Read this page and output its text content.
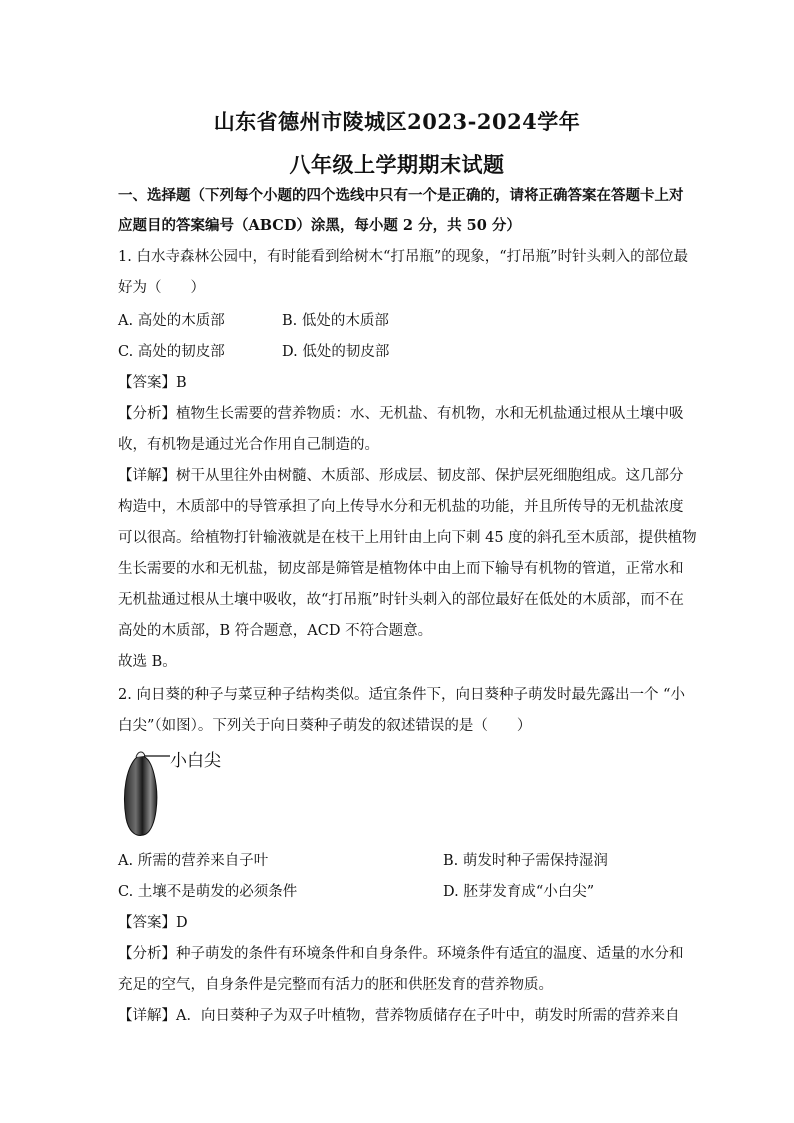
山东省德州市陵城区2023-2024学年
八年级上学期期末试题
一、选择题（下列每个小题的四个选线中只有一个是正确的，请将正确答案在答题卡上对
应题目的答案编号（ABCD）涂黑，每小题 2 分，共 50 分）
1. 白水寺森林公园中，有时能看到给树木“打吊瓶”的现象，“打吊瓶”时针头刺入的部位最
好为（　　）
A. 高处的木质部	B. 低处的木质部
C. 高处的韧皮部	D. 低处的韧皮部
【答案】B
【分析】植物生长需要的营养物质：水、无机盐、有机物，水和无机盐通过根从土壤中吸
收，有机物是通过光合作用自己制造的。
【详解】树干从里往外由树髓、木质部、形成层、韧皮部、保护层死细胞组成。这几部分
构造中，木质部中的导管承担了向上传导水分和无机盐的功能，并且所传导的无机盐浓度
可以很高。给植物打针输液就是在枝干上用针由上向下刺 45 度的斜孔至木质部，提供植物
生长需要的水和无机盐，韧皮部是筛管是植物体中由上而下输导有机物的管道，正常水和
无机盐通过根从土壤中吸收，故“打吊瓶”时针头刺入的部位最好在低处的木质部，而不在
高处的木质部，B 符合题意，ACD 不符合题意。
故选 B。
2. 向日葵的种子与菜豆种子结构类似。适宜条件下，向日葵种子萌发时最先露出一个 “小
白尖”（如图）。下列关于向日葵种子萌发的叙述错误的是（　　）
小白尖
A. 所需的营养来自子叶	B. 萌发时种子需保持湿润
C. 土壤不是萌发的必须条件	D. 胚芽发育成“小白尖”
【答案】D
【分析】种子萌发的条件有环境条件和自身条件。环境条件有适宜的温度、适量的水分和
充足的空气，自身条件是完整而有活力的胚和供胚发育的营养物质。
【详解】A．向日葵种子为双子叶植物，营养物质储存在子叶中，萌发时所需的营养来自
